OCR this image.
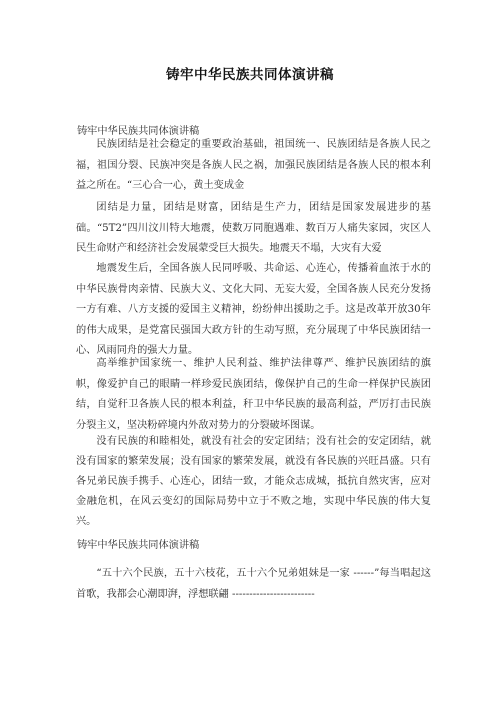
铸牢中华民族共同体演讲稿
铸牢中华民族共同体演讲稿

民族团结是社会稳定的重要政治基础，祖国统一、民族团结是各族人民之福，祖国分裂、民族冲突是各族人民之祸，加强民族团结是各族人民的根本利益之所在。“三心合一心，黄土变成金

团结是力量，团结是财富，团结是生产力，团结是国家发展进步的基础。“5T2”四川汶川特大地震，使数万同胞遇难、数百万人痛失家园，灾区人民生命财产和经济社会发展蒙受巨大损失。地震天不塌，大灾有大爱

地震发生后，全国各族人民同呼吸、共命运、心连心，传播着血浓于水的中华民族骨肉亲情、民族大义、文化大同、无妄大爱，全国各族人民充分发扬一方有难、八方支援的爱国主义精神，纷纷伸出援助之手。这是改革开放30年的伟大成果，是党富民强国大政方针的生动写照，充分展现了中华民族团结一心、风雨同舟的强大力量。

高举维护国家统一、维护人民利益、维护法律尊严、维护民族团结的旗帜，像爱护自己的眼睛一样珍爱民族团结，像保护自己的生命一样保护民族团结，自觉秆卫各族人民的根本利益，秆卫中华民族的最高利益，严厉打击民族分裂主义，坚决粉碎境内外敌对势力的分裂破坏图谋。

没有民族的和睦相处，就没有社会的安定团结；没有社会的安定团结，就没有国家的繁荣发展；没有国家的繁荣发展，就没有各民族的兴旺昌盛。只有各兄弟民族手携手、心连心，团结一致，才能众志成城，抵抗自然灾害，应对金融危机，在风云变幻的国际局势中立于不败之地，实现中华民族的伟大复兴。

铸牢中华民族共同体演讲稿

“五十六个民族，五十六枝花，五十六个兄弟姐妹是一家 ------”每当唱起这首歌，我都会心潮即湃，浮想联翩 ------------------------
